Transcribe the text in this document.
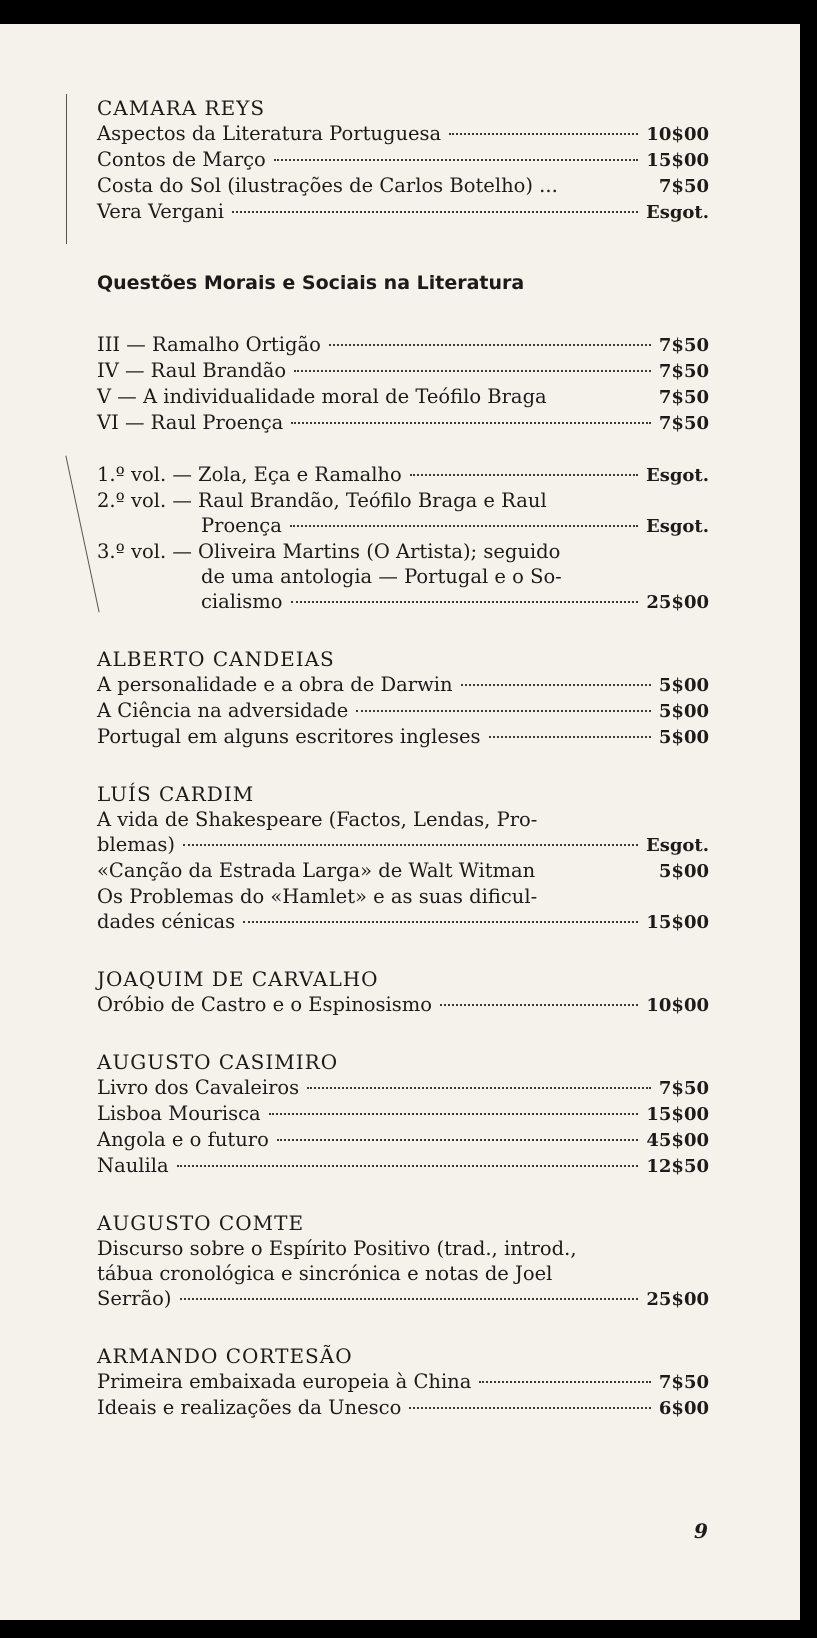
CAMARA REYS
Aspectos da Literatura Portuguesa	10$00
Contos de Março	15$00
Costa do Sol (ilustrações de Carlos Botelho) ...	7$50
Vera Vergani	Esgot.
Questões Morais e Sociais na Literatura
III — Ramalho Ortigão	7$50
IV — Raul Brandão	7$50
V — A individualidade moral de Teófilo Braga	7$50
VI — Raul Proença	7$50
1.º vol. — Zola, Eça e Ramalho	Esgot.
2.º vol. — Raul Brandão, Teófilo Braga e Raul
Proença	Esgot.
3.º vol. — Oliveira Martins (O Artista); seguido
de uma antologia — Portugal e o So-
cialismo	25$00
ALBERTO CANDEIAS
A personalidade e a obra de Darwin	5$00
A Ciência na adversidade	5$00
Portugal em alguns escritores ingleses	5$00
LUÍS CARDIM
A vida de Shakespeare (Factos, Lendas, Pro-
blemas)	Esgot.
«Canção da Estrada Larga» de Walt Witman	5$00
Os Problemas do «Hamlet» e as suas dificul-
dades cénicas	15$00
JOAQUIM DE CARVALHO
Oróbio de Castro e o Espinosismo	10$00
AUGUSTO CASIMIRO
Livro dos Cavaleiros	7$50
Lisboa Mourisca	15$00
Angola e o futuro	45$00
Naulila	12$50
AUGUSTO COMTE
Discurso sobre o Espírito Positivo (trad., introd.,
tábua cronológica e sincrónica e notas de Joel
Serrão)	25$00
ARMANDO CORTESÃO
Primeira embaixada europeia à China	7$50
Ideais e realizações da Unesco	6$00
9
